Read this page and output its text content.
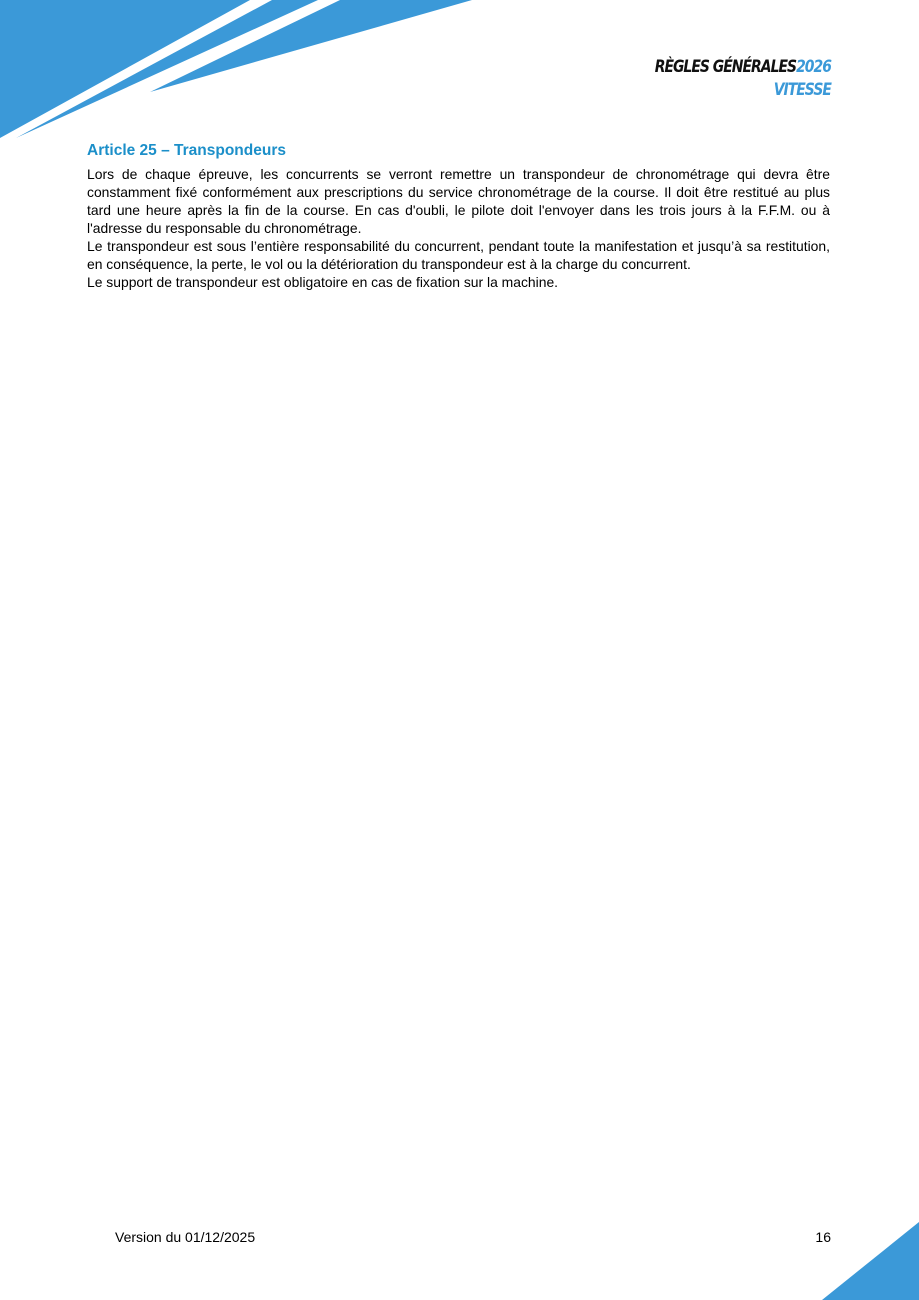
RÈGLES GÉNÉRALES2026
VITESSE
Article 25 – Transpondeurs

Lors de chaque épreuve, les concurrents se verront remettre un transpondeur de chronométrage qui devra être constamment fixé conformément aux prescriptions du service chronométrage de la course. Il doit être restitué au plus tard une heure après la fin de la course. En cas d'oubli, le pilote doit l'envoyer dans les trois jours à la F.F.M. ou à l'adresse du responsable du chronométrage.

Le transpondeur est sous l’entière responsabilité du concurrent, pendant toute la manifestation et jusqu’à sa restitution, en conséquence, la perte, le vol ou la détérioration du transpondeur est à la charge du concurrent.

Le support de transpondeur est obligatoire en cas de fixation sur la machine.

Version du 01/12/2025	16
